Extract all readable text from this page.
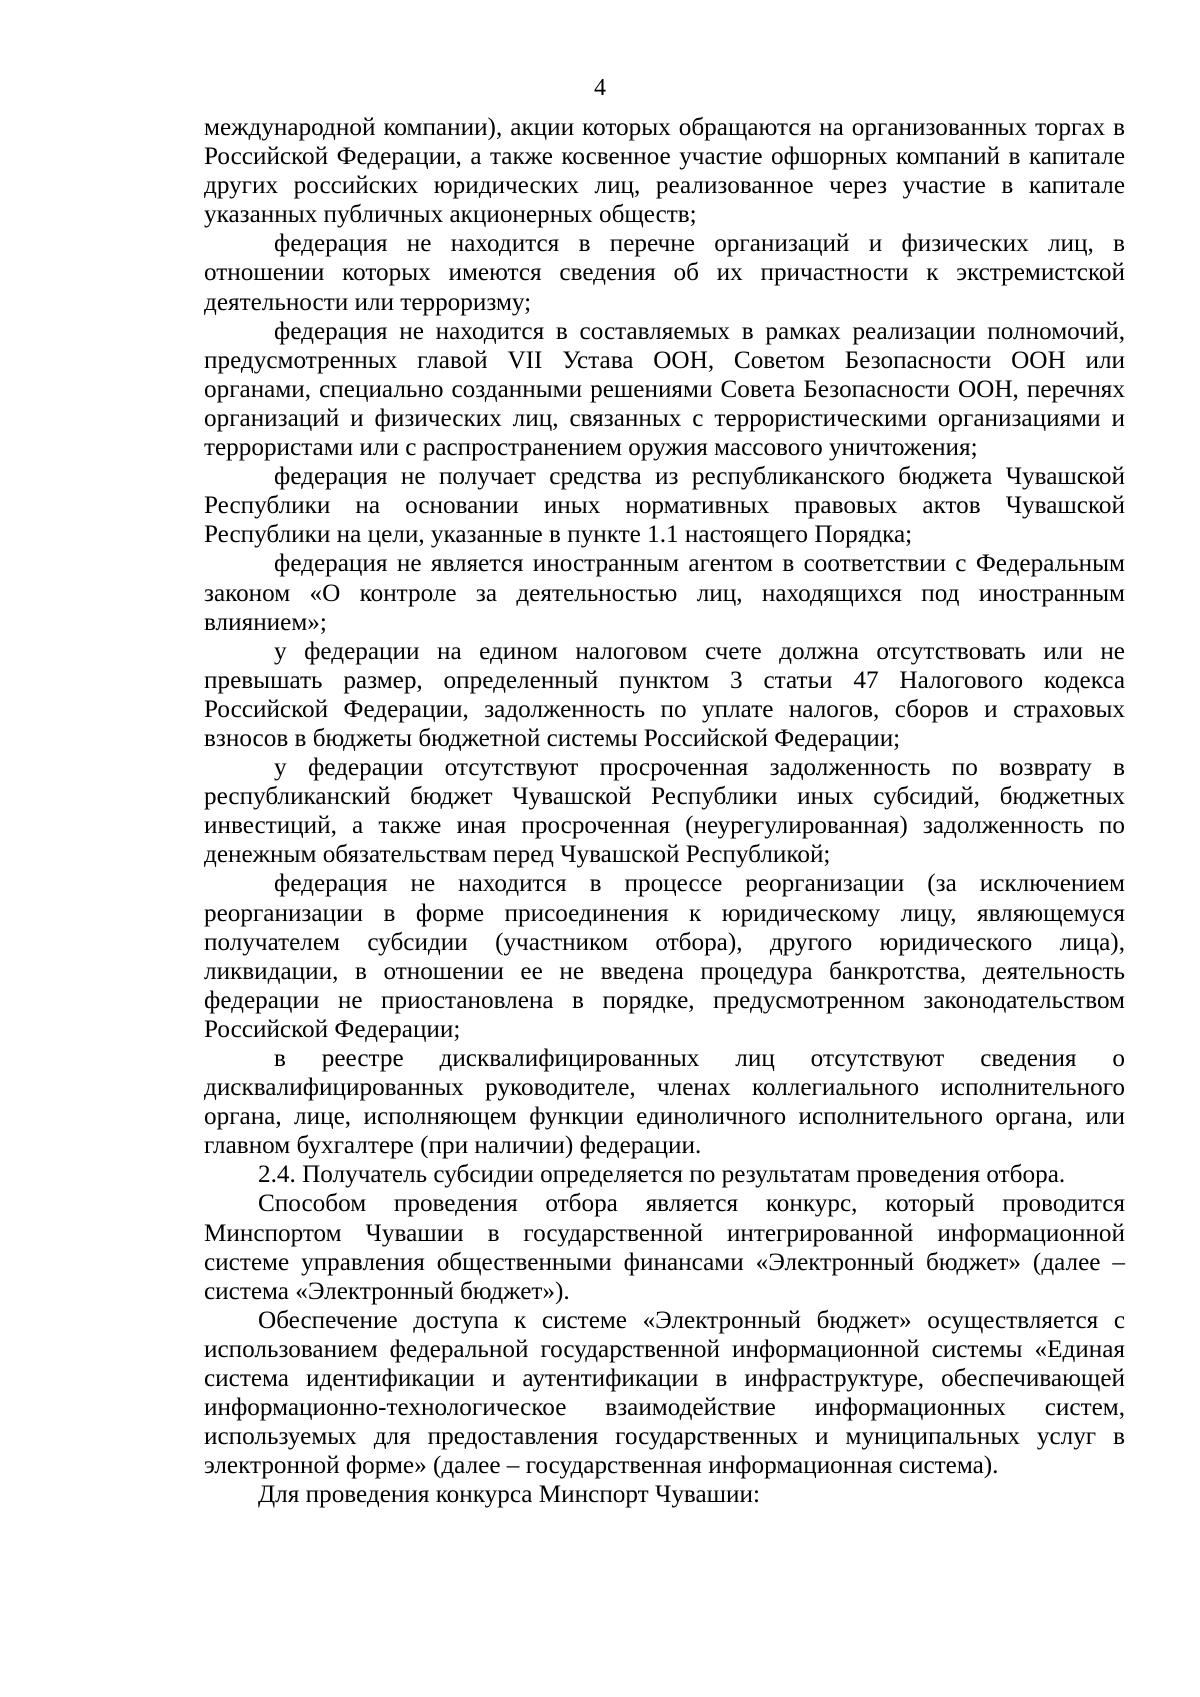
4

международной компании), акции которых обращаются на организованных торгах в Российской Федерации, а также косвенное участие офшорных компаний в капитале других российских юридических лиц, реализованное через участие в капитале указанных публичных акционерных обществ;

федерация не находится в перечне организаций и физических лиц, в отношении которых имеются сведения об их причастности к экстремистской деятельности или терроризму;

федерация не находится в составляемых в рамках реализации полномочий, предусмотренных главой VII Устава ООН, Советом Безопасности ООН или органами, специально созданными решениями Совета Безопасности ООН, перечнях организаций и физических лиц, связанных с террористическими организациями и террористами или с распространением оружия массового уничтожения;

федерация не получает средства из республиканского бюджета Чувашской Республики на основании иных нормативных правовых актов Чувашской Республики на цели, указанные в пункте 1.1 настоящего Порядка;

федерация не является иностранным агентом в соответствии с Федеральным законом «О контроле за деятельностью лиц, находящихся под иностранным влиянием»;

у федерации на едином налоговом счете должна отсутствовать или не превышать размер, определенный пунктом 3 статьи 47 Налогового кодекса Российской Федерации, задолженность по уплате налогов, сборов и страховых взносов в бюджеты бюджетной системы Российской Федерации;

у федерации отсутствуют просроченная задолженность по возврату в республиканский бюджет Чувашской Республики иных субсидий, бюджетных инвестиций, а также иная просроченная (неурегулированная) задолженность по денежным обязательствам перед Чувашской Республикой;

федерация не находится в процессе реорганизации (за исключением реорганизации в форме присоединения к юридическому лицу, являющемуся получателем субсидии (участником отбора), другого юридического лица), ликвидации, в отношении ее не введена процедура банкротства, деятельность федерации не приостановлена в порядке, предусмотренном законодательством Российской Федерации;

в реестре дисквалифицированных лиц отсутствуют сведения о дисквалифицированных руководителе, членах коллегиального исполнительного органа, лице, исполняющем функции единоличного исполнительного органа, или главном бухгалтере (при наличии) федерации.

2.4. Получатель субсидии определяется по результатам проведения отбора.

Способом проведения отбора является конкурс, который проводится Минспортом Чувашии в государственной интегрированной информационной системе управления общественными финансами «Электронный бюджет» (далее – система «Электронный бюджет»).

Обеспечение доступа к системе «Электронный бюджет» осуществляется с использованием федеральной государственной информационной системы «Единая система идентификации и аутентификации в инфраструктуре, обеспечивающей информационно-технологическое взаимодействие информационных систем, используемых для предоставления государственных и муниципальных услуг в электронной форме» (далее – государственная информационная система).

Для проведения конкурса Минспорт Чувашии:
